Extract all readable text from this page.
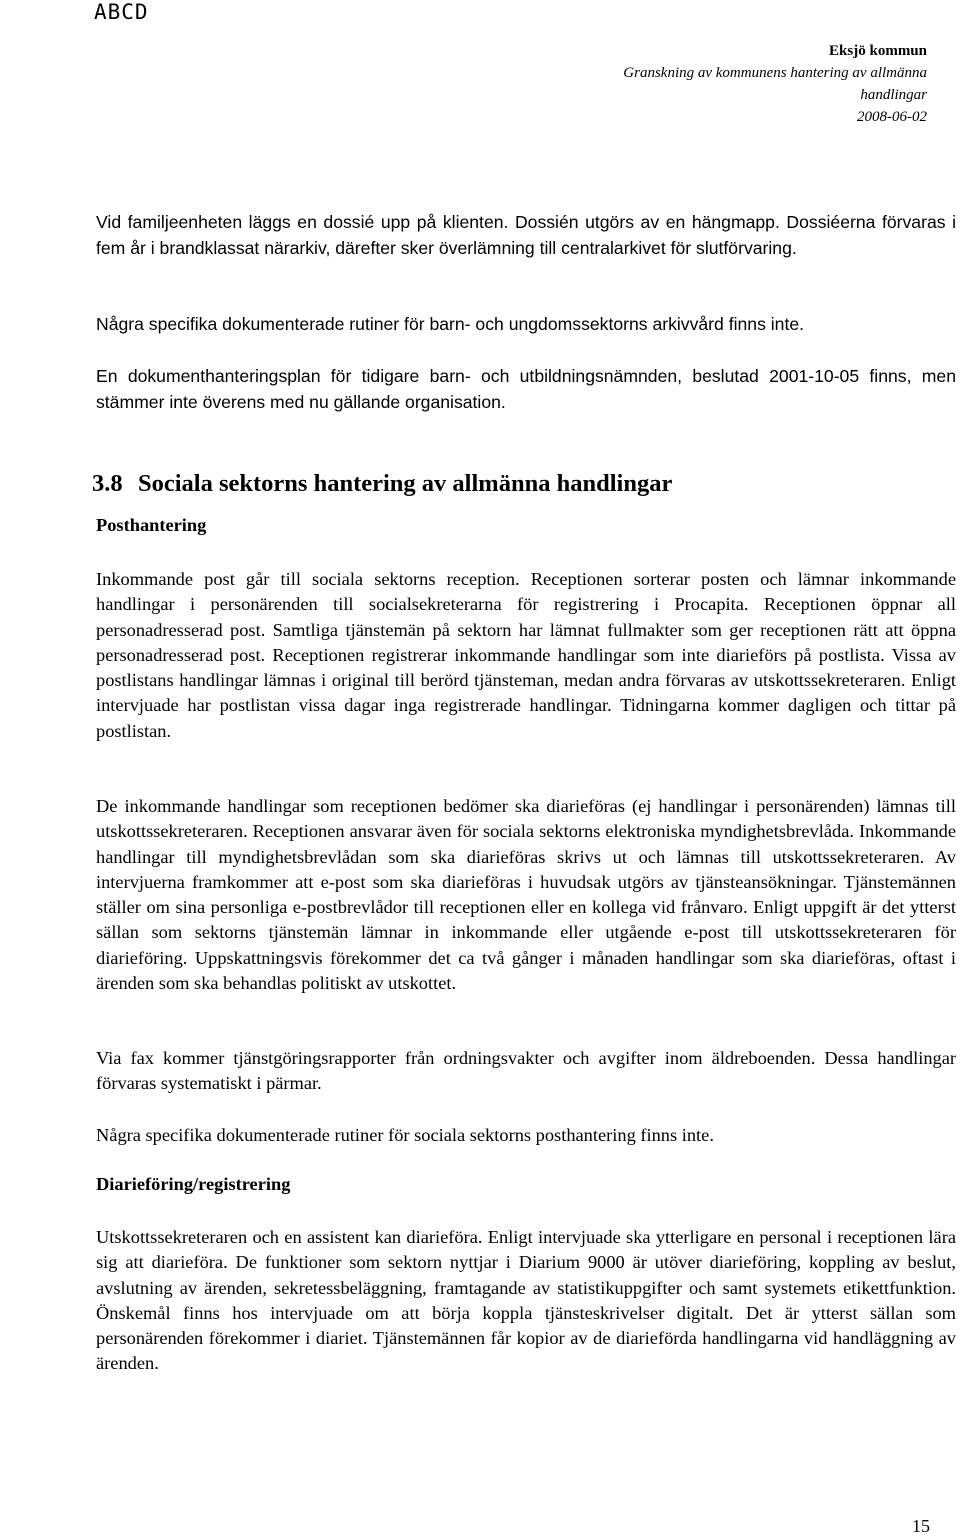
ABCD
Eksjö kommun
Granskning av kommunens hantering av allmänna
handlingar
2008-06-02

Vid familjeenheten läggs en dossié upp på klienten. Dossién utgörs av en hängmapp. Dossiéerna förvaras i fem år i brandklassat närarkiv, därefter sker överlämning till centralarkivet för slutförvaring.

Några specifika dokumenterade rutiner för barn- och ungdomssektorns arkivvård finns inte.

En dokumenthanteringsplan för tidigare barn- och utbildningsnämnden, beslutad 2001-10-05 finns, men stämmer inte överens med nu gällande organisation.

3.8 Sociala sektorns hantering av allmänna handlingar
Posthantering

Inkommande post går till sociala sektorns reception. Receptionen sorterar posten och lämnar inkommande handlingar i personärenden till socialsekreterarna för registrering i Procapita. Receptionen öppnar all personadresserad post. Samtliga tjänstemän på sektorn har lämnat fullmakter som ger receptionen rätt att öppna personadresserad post. Receptionen registrerar inkommande handlingar som inte diarieförs på postlista. Vissa av postlistans handlingar lämnas i original till berörd tjänsteman, medan andra förvaras av utskottssekreteraren. Enligt intervjuade har postlistan vissa dagar inga registrerade handlingar. Tidningarna kommer dagligen och tittar på postlistan.

De inkommande handlingar som receptionen bedömer ska diarieföras (ej handlingar i personärenden) lämnas till utskottssekreteraren. Receptionen ansvarar även för sociala sektorns elektroniska myndighetsbrevlåda. Inkommande handlingar till myndighetsbrevlådan som ska diarieföras skrivs ut och lämnas till utskottssekreteraren. Av intervjuerna framkommer att e-post som ska diarieföras i huvudsak utgörs av tjänsteansökningar. Tjänstemännen ställer om sina personliga e-postbrevlådor till receptionen eller en kollega vid frånvaro. Enligt uppgift är det ytterst sällan som sektorns tjänstemän lämnar in inkommande eller utgående e-post till utskottssekreteraren för diarieföring. Uppskattningsvis förekommer det ca två gånger i månaden handlingar som ska diarieföras, oftast i ärenden som ska behandlas politiskt av utskottet.

Via fax kommer tjänstgöringsrapporter från ordningsvakter och avgifter inom äldreboenden. Dessa handlingar förvaras systematiskt i pärmar.

Några specifika dokumenterade rutiner för sociala sektorns posthantering finns inte.

Diarieföring/registrering

Utskottssekreteraren och en assistent kan diarieföra. Enligt intervjuade ska ytterligare en personal i receptionen lära sig att diarieföra. De funktioner som sektorn nyttjar i Diarium 9000 är utöver diarieföring, koppling av beslut, avslutning av ärenden, sekretessbeläggning, framtagande av statistikuppgifter och samt systemets etikettfunktion. Önskemål finns hos intervjuade om att börja koppla tjänsteskrivelser digitalt. Det är ytterst sällan som personärenden förekommer i diariet. Tjänstemännen får kopior av de diarieförda handlingarna vid handläggning av ärenden.

15
